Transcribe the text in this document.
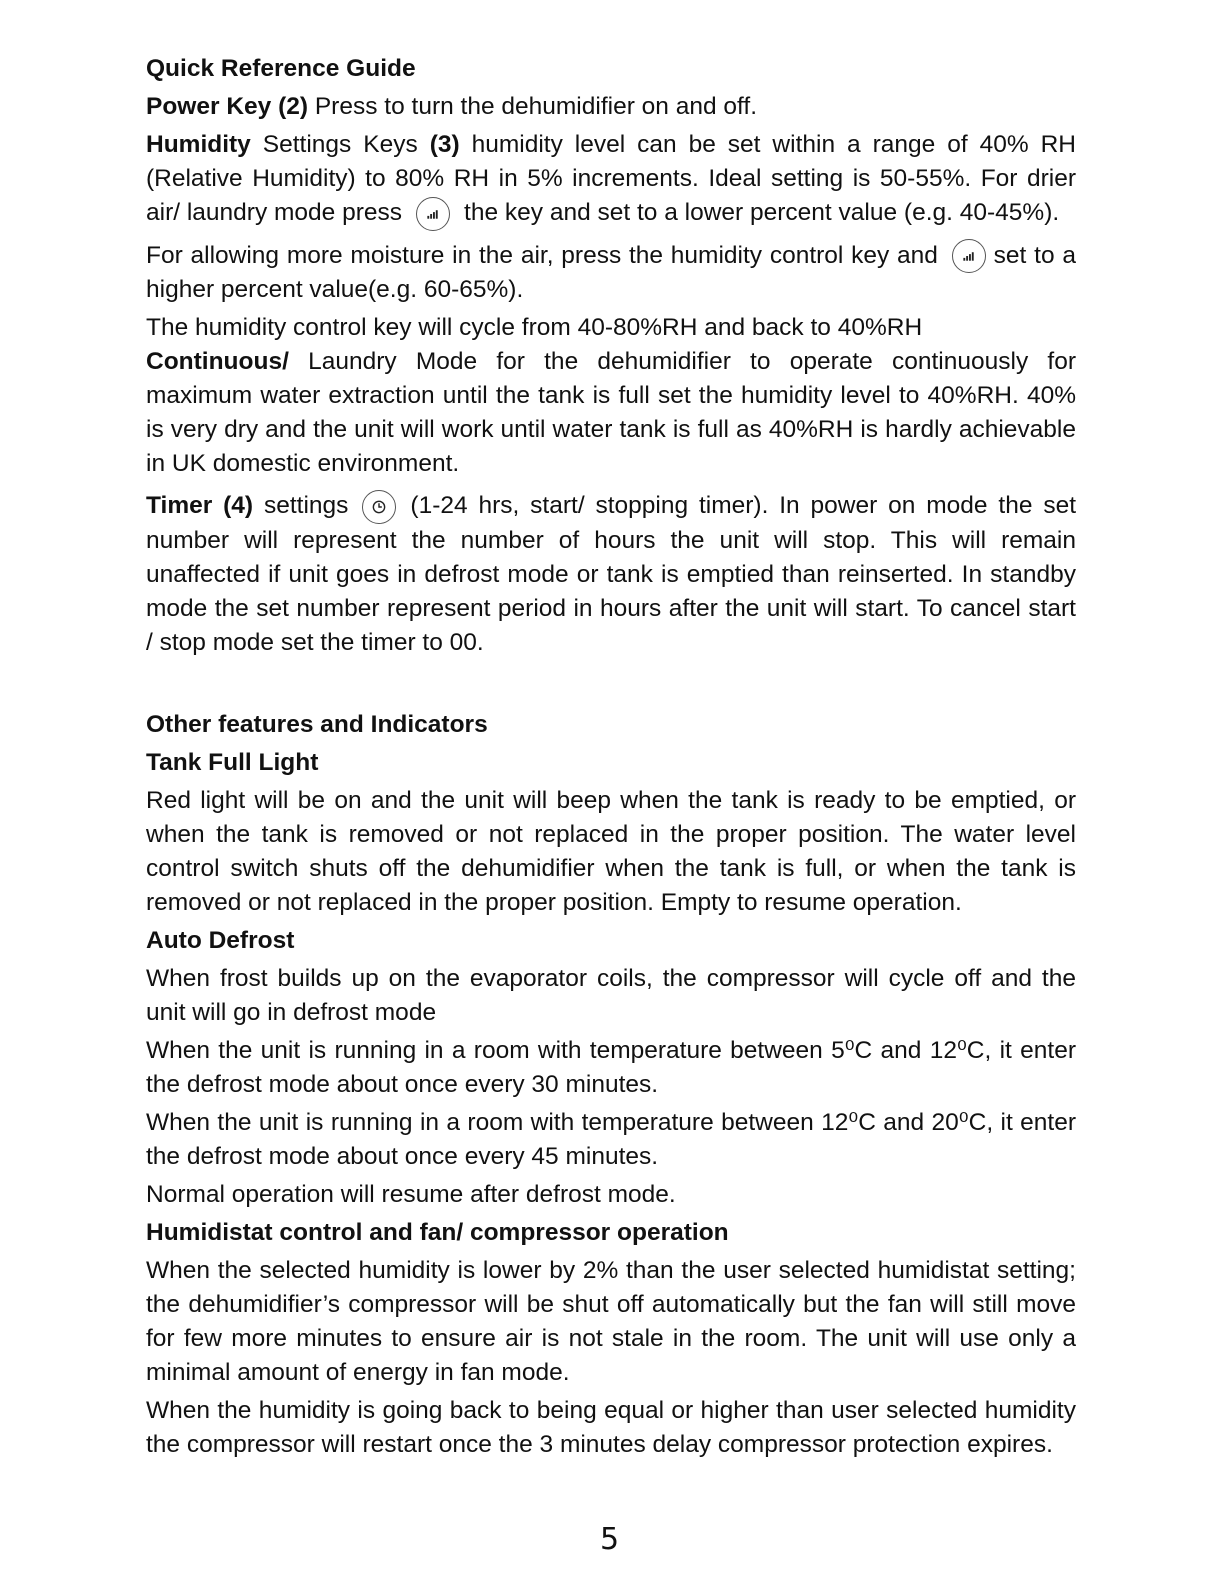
Quick Reference Guide

Power Key (2) Press to turn the dehumidifier on and off.

Humidity Settings Keys (3) humidity level can be set within a range of 40% RH (Relative Humidity) to 80% RH in 5% increments. Ideal setting is 50-55%. For drier air/ laundry mode press	the key and set to a lower percent value (e.g. 40-45%).

For allowing more moisture in the air, press the humidity control key and
set to a higher percent value(e.g. 60-65%).

The humidity control key will cycle from 40-80%RH and back to 40%RH

Continuous/ Laundry Mode for the dehumidifier to operate continuously for maximum water extraction until the tank is full set the humidity level to 40%RH. 40% is very dry and the unit will work until water tank is full as 40%RH is hardly achievable in UK domestic environment.

Timer (4) settings	(1-24 hrs, start/ stopping timer). In power on mode the set number will represent the number of hours the unit will stop. This will remain unaffected if unit goes in defrost mode or tank is emptied than reinserted. In standby mode the set number represent period in hours after the unit will start. To cancel start / stop mode set the timer to 00.

Other features and Indicators

Tank Full Light

Red light will be on and the unit will beep when the tank is ready to be emptied, or when the tank is removed or not replaced in the proper position. The water level control switch shuts off the dehumidifier when the tank is full, or when the tank is removed or not replaced in the proper position. Empty to resume operation.

Auto Defrost

When frost builds up on the evaporator coils, the compressor will cycle off and the unit will go in defrost mode

When the unit is running in a room with temperature between 5⁰C and 12⁰C, it enter the defrost mode about once every 30 minutes.

When the unit is running in a room with temperature between 12⁰C and 20⁰C, it enter the defrost mode about once every 45 minutes.

Normal operation will resume after defrost mode.

Humidistat control and fan/ compressor operation

When the selected humidity is lower by 2% than the user selected humidistat setting; the dehumidifier’s compressor will be shut off automatically but the fan will still move for few more minutes to ensure air is not stale in the room. The unit will use only a minimal amount of energy in fan mode.

When the humidity is going back to being equal or higher than user selected humidity the compressor will restart once the 3 minutes delay compressor protection expires.

5
